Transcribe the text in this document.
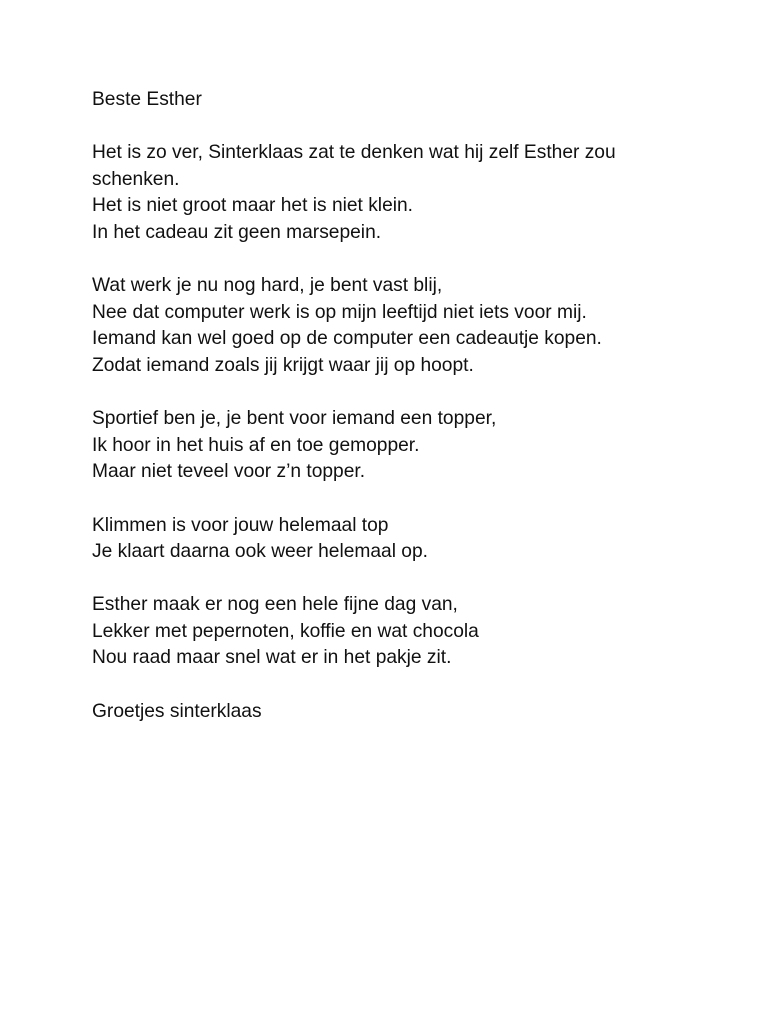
Beste Esther

Het is zo ver, Sinterklaas zat te denken wat hij zelf Esther zou

schenken.

Het is niet groot maar het is niet klein.

In het cadeau zit geen marsepein.

Wat werk je nu nog hard, je bent vast blij,

Nee dat computer werk is op mijn leeftijd niet iets voor mij.

Iemand kan wel goed op de computer een cadeautje kopen.

Zodat iemand zoals jij krijgt waar jij op hoopt.

Sportief ben je, je bent voor iemand een topper,

Ik hoor in het huis af en toe gemopper.

Maar niet teveel voor z’n topper.

Klimmen is voor jouw helemaal top

Je klaart daarna ook weer helemaal op.

Esther maak er nog een hele fijne dag van,

Lekker met pepernoten, koffie en wat chocola

Nou raad maar snel wat er in het pakje zit.

Groetjes sinterklaas
